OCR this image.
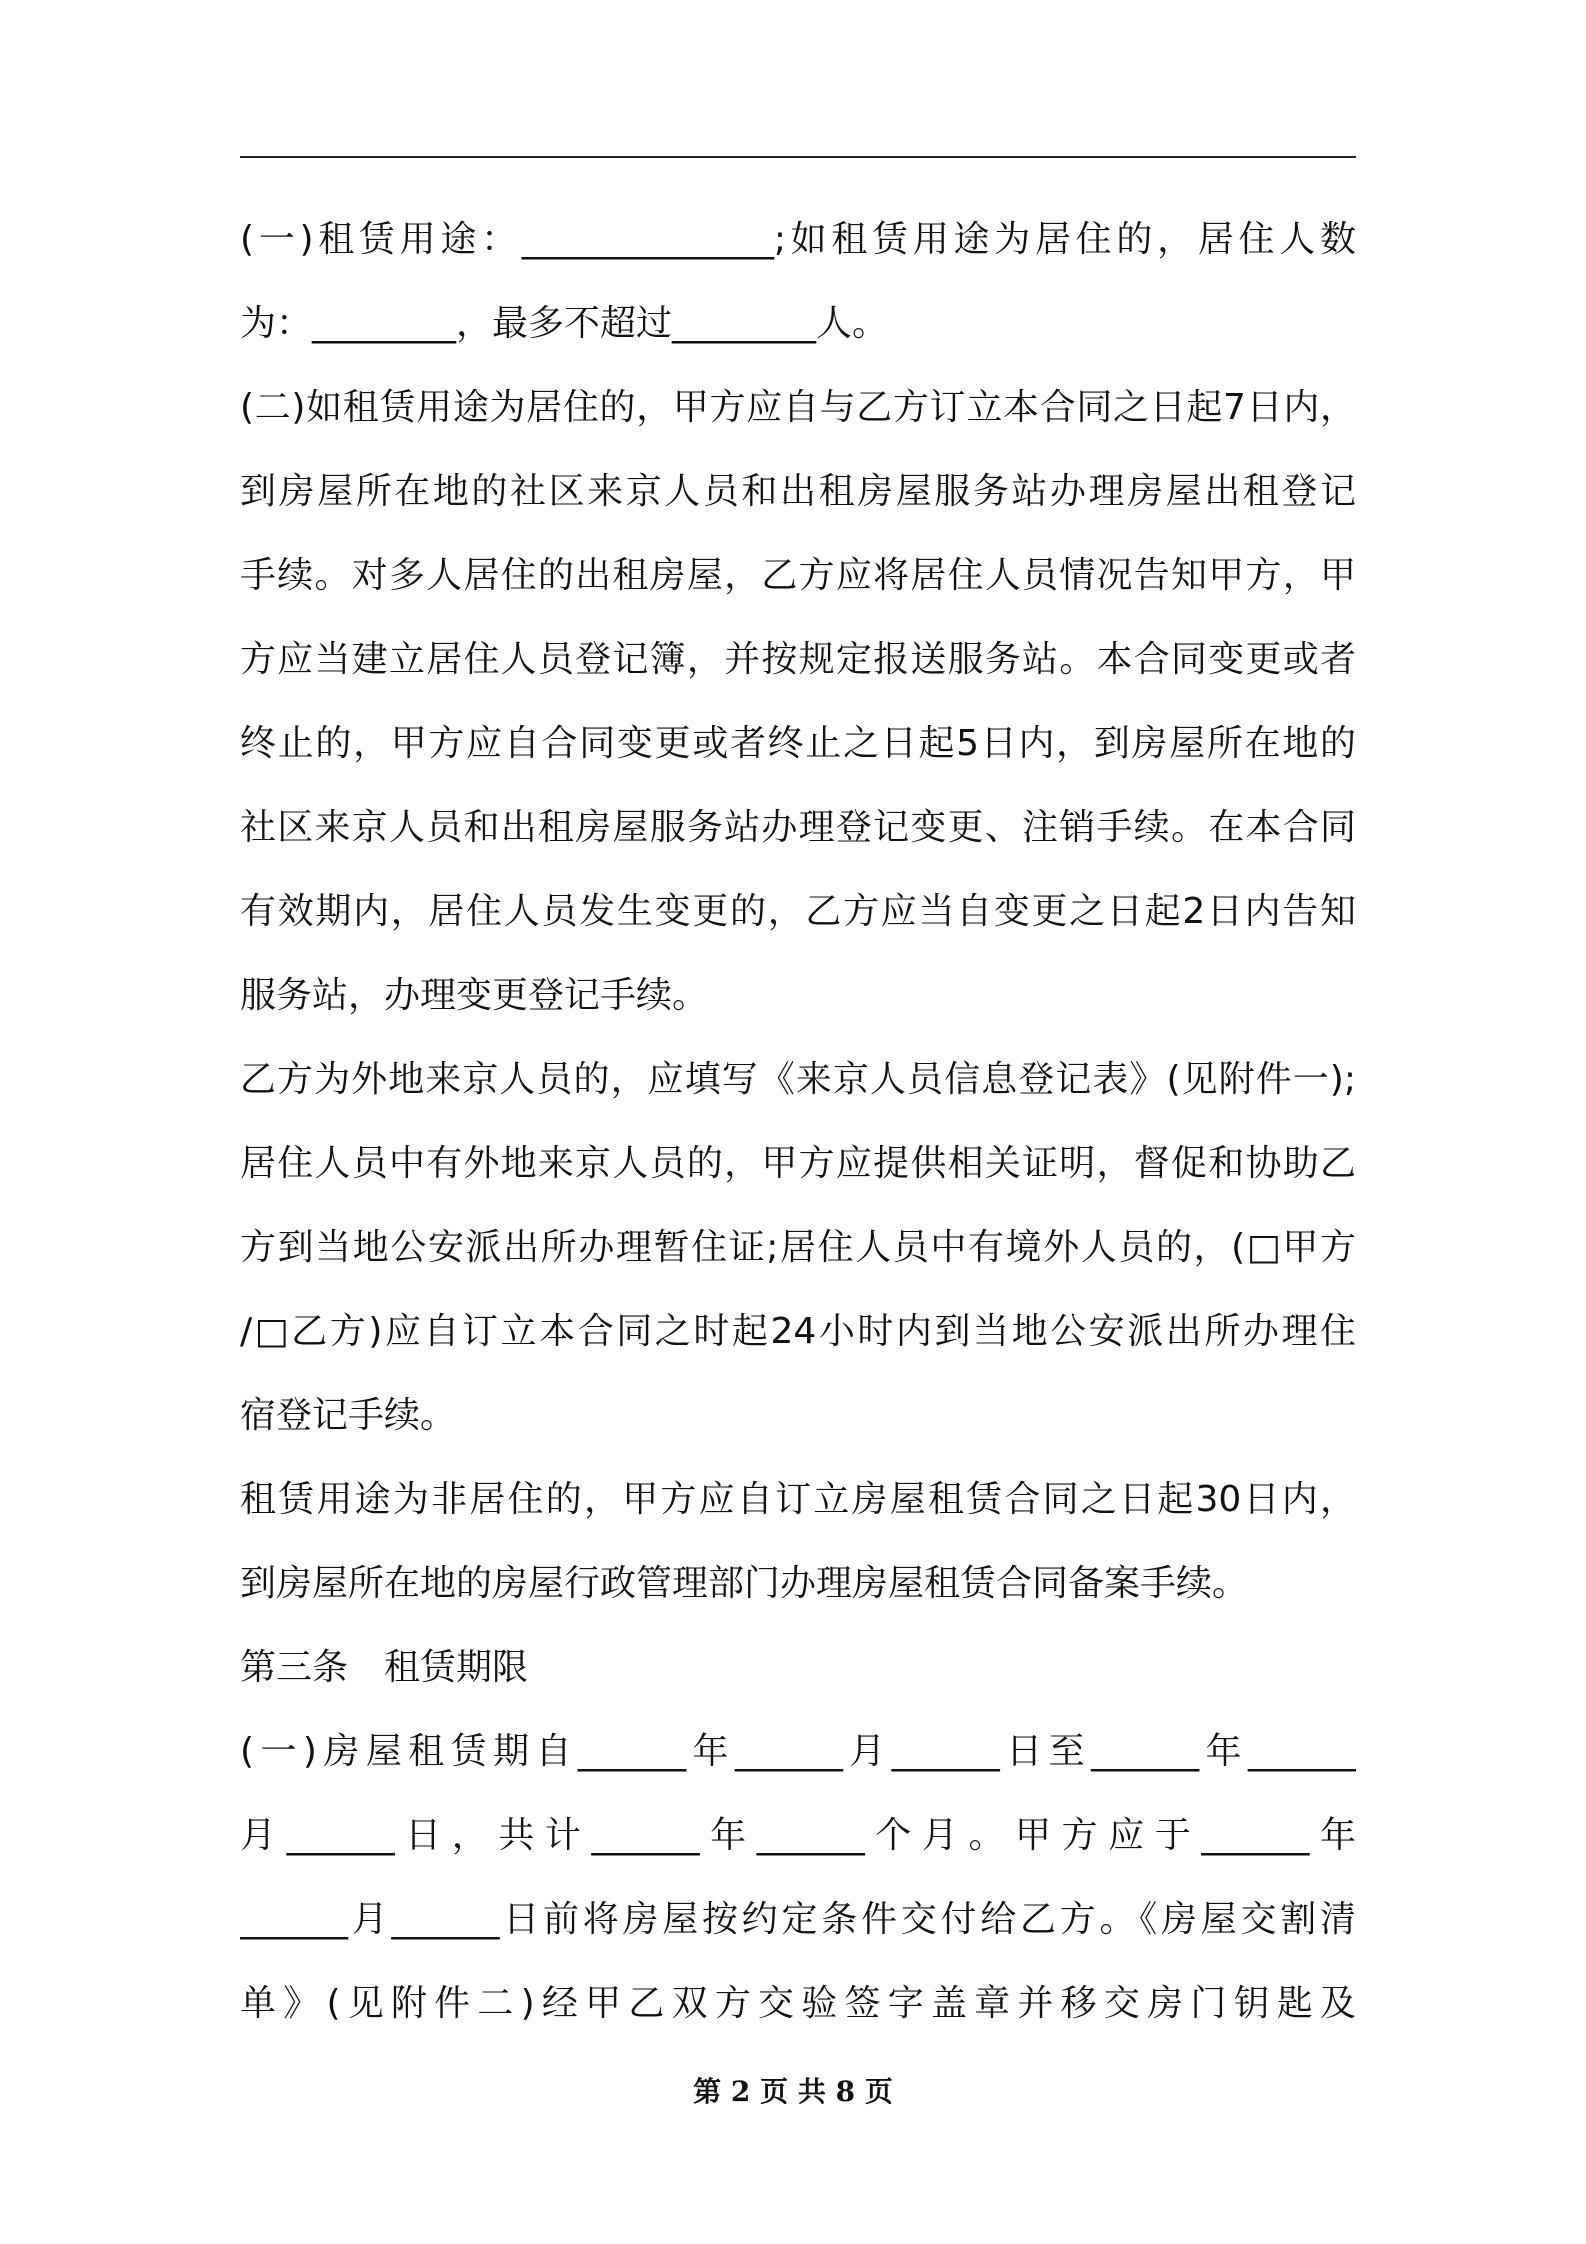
(一)租赁用途：______________;如租赁用途为居住的，居住人数
为：________，最多不超过________人。
(二)如租赁用途为居住的，甲方应自与乙方订立本合同之日起7日内，
到房屋所在地的社区来京人员和出租房屋服务站办理房屋出租登记
手续。对多人居住的出租房屋，乙方应将居住人员情况告知甲方，甲
方应当建立居住人员登记簿，并按规定报送服务站。本合同变更或者
终止的，甲方应自合同变更或者终止之日起5日内，到房屋所在地的
社区来京人员和出租房屋服务站办理登记变更、注销手续。在本合同
有效期内，居住人员发生变更的，乙方应当自变更之日起2日内告知
服务站，办理变更登记手续。
乙方为外地来京人员的，应填写《来京人员信息登记表》(见附件一);
居住人员中有外地来京人员的，甲方应提供相关证明，督促和协助乙
方到当地公安派出所办理暂住证;居住人员中有境外人员的，(□甲方
/□乙方)应自订立本合同之时起24小时内到当地公安派出所办理住
宿登记手续。
租赁用途为非居住的，甲方应自订立房屋租赁合同之日起30日内，
到房屋所在地的房屋行政管理部门办理房屋租赁合同备案手续。
第三条　租赁期限
(一)房屋租赁期自______年______月______日至______年______
月______日，共计______年______个月。甲方应于______年
______月______日前将房屋按约定条件交付给乙方。《房屋交割清
单》(见附件二)经甲乙双方交验签字盖章并移交房门钥匙及
第 2 页 共 8 页
